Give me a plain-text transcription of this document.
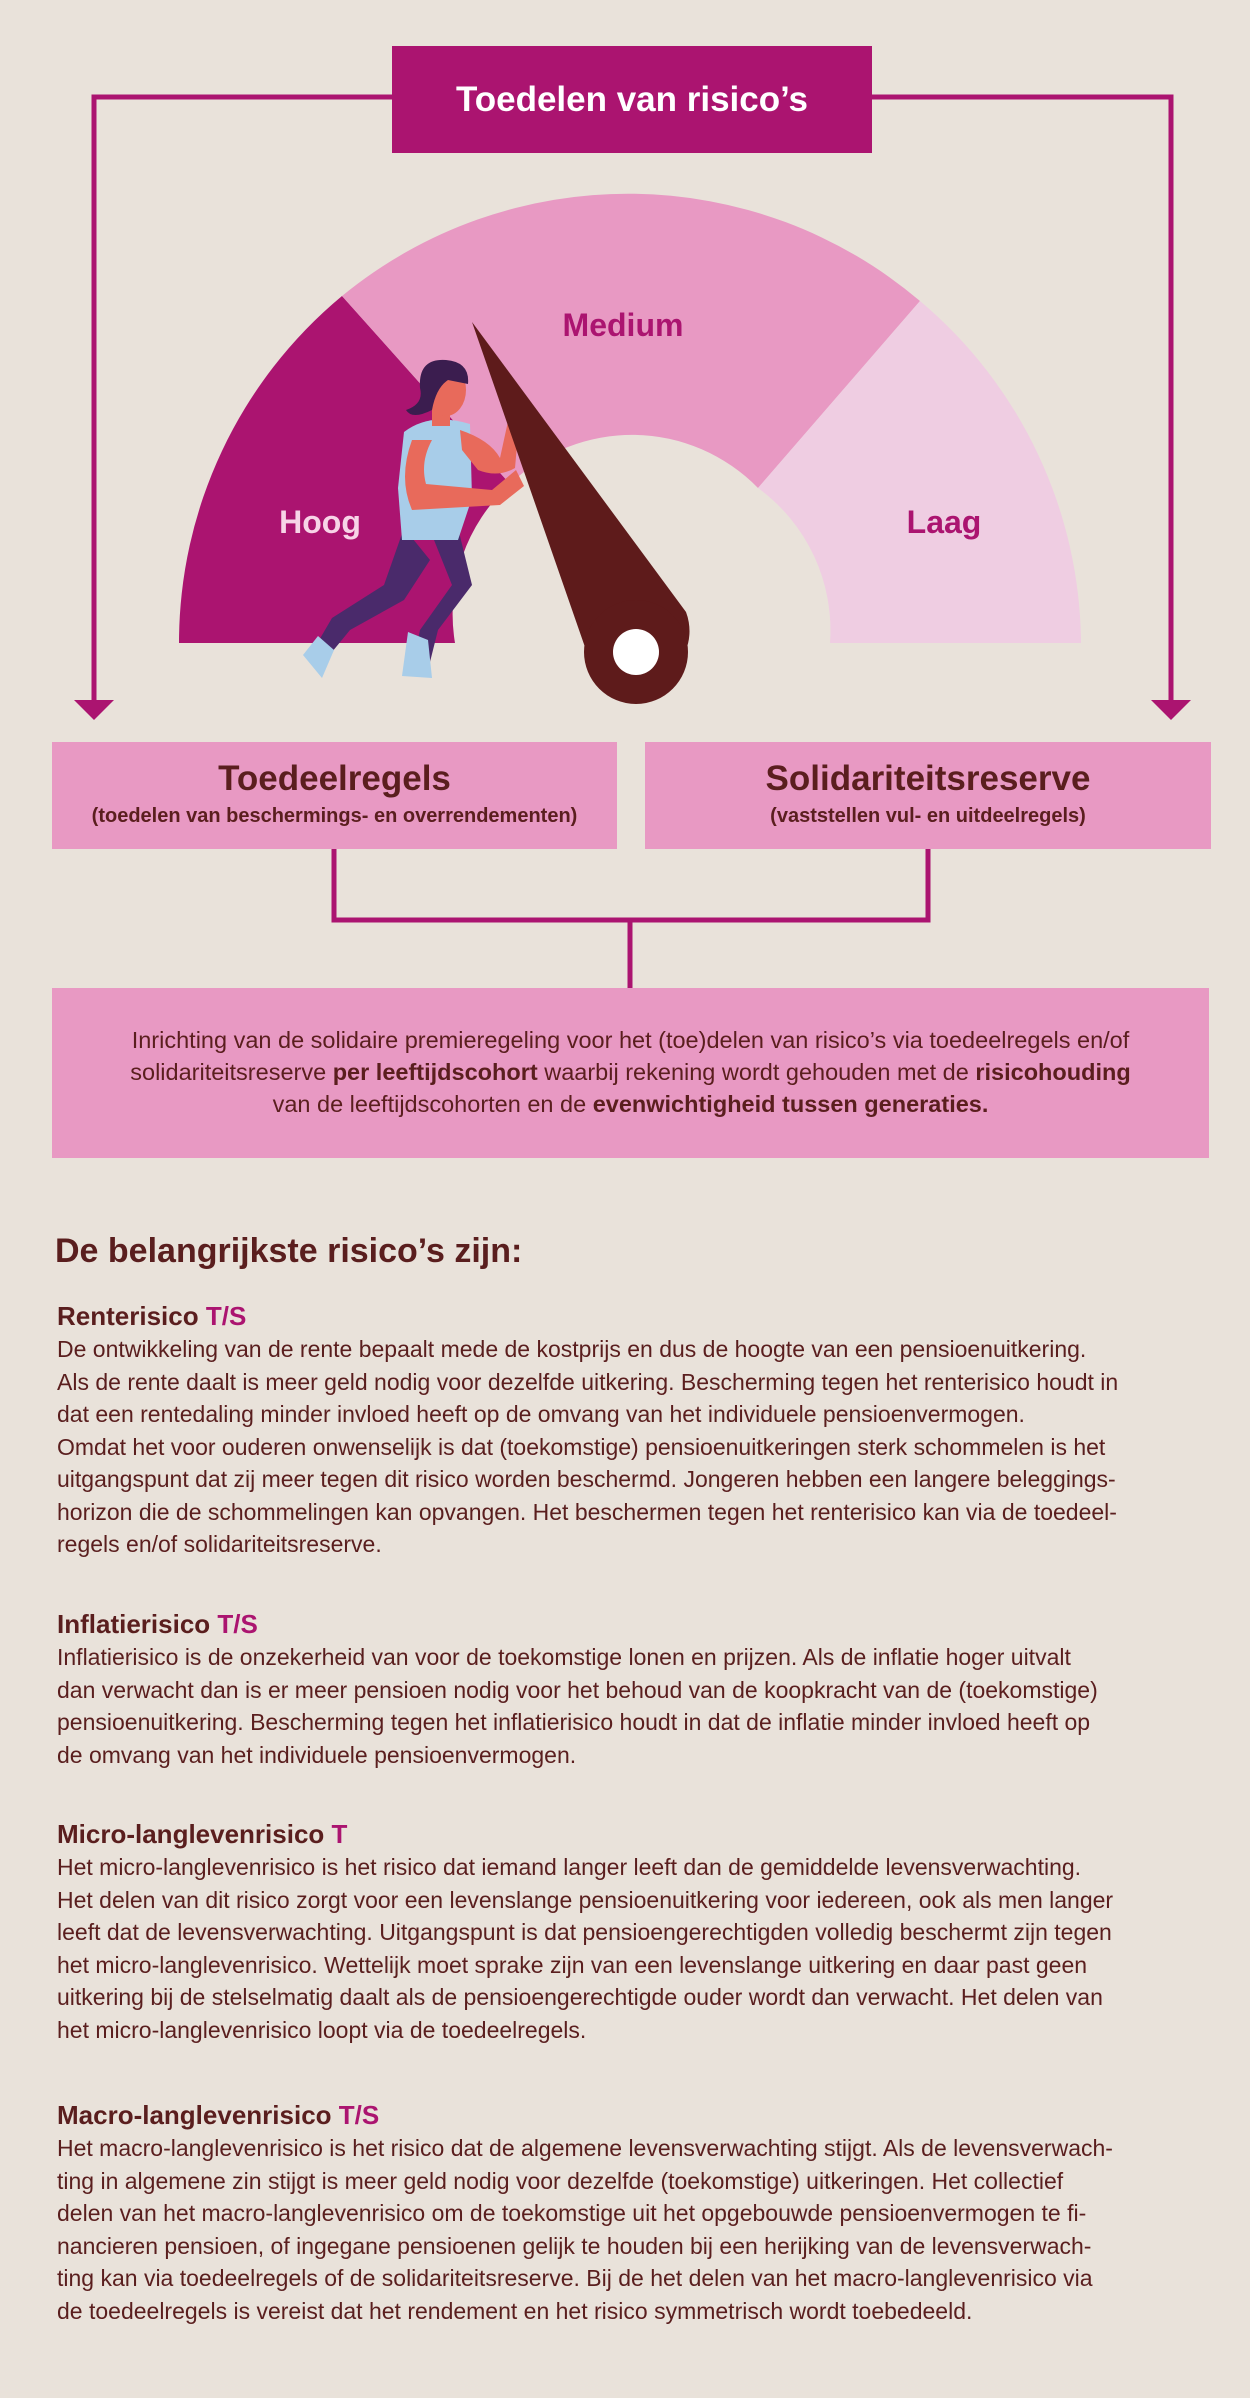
Hoog
Medium
Laag
Toedelen van risico’s
Toedeelregels
(toedelen van beschermings- en overrendementen)
Solidariteitsreserve
(vaststellen vul- en uitdeelregels)
Inrichting van de solidaire premieregeling voor het (toe)delen van risico’s via toedeelregels en/of solidariteitsreserve per leeftijdscohort waarbij rekening wordt gehouden met de risicohouding van de leeftijdscohorten en de evenwichtigheid tussen generaties.
De belangrijkste risico’s zijn:
Renterisico T/S
De ontwikkeling van de rente bepaalt mede de kostprijs en dus de hoogte van een pensioenuitkering.
Als de rente daalt is meer geld nodig voor dezelfde uitkering. Bescherming tegen het renterisico houdt in
dat een rentedaling minder invloed heeft op de omvang van het individuele pensioenvermogen.
Omdat het voor ouderen onwenselijk is dat (toekomstige) pensioenuitkeringen sterk schommelen is het
uitgangspunt dat zij meer tegen dit risico worden beschermd. Jongeren hebben een langere beleggings-
horizon die de schommelingen kan opvangen. Het beschermen tegen het renterisico kan via de toedeel-
regels en/of solidariteitsreserve.
Inflatierisico T/S
Inflatierisico is de onzekerheid van voor de toekomstige lonen en prijzen. Als de inflatie hoger uitvalt
dan verwacht dan is er meer pensioen nodig voor het behoud van de koopkracht van de (toekomstige)
pensioenuitkering. Bescherming tegen het inflatierisico houdt in dat de inflatie minder invloed heeft op
de omvang van het individuele pensioenvermogen.
Micro-langlevenrisico T
Het micro-langlevenrisico is het risico dat iemand langer leeft dan de gemiddelde levensverwachting.
Het delen van dit risico zorgt voor een levenslange pensioenuitkering voor iedereen, ook als men langer
leeft dat de levensverwachting. Uitgangspunt is dat pensioengerechtigden volledig beschermt zijn tegen
het micro-langlevenrisico. Wettelijk moet sprake zijn van een levenslange uitkering en daar past geen
uitkering bij de stelselmatig daalt als de pensioengerechtigde ouder wordt dan verwacht. Het delen van
het micro-langlevenrisico loopt via de toedeelregels.
Macro-langlevenrisico T/S
Het macro-langlevenrisico is het risico dat de algemene levensverwachting stijgt. Als de levensverwach-
ting in algemene zin stijgt is meer geld nodig voor dezelfde (toekomstige) uitkeringen. Het collectief
delen van het macro-langlevenrisico om de toekomstige uit het opgebouwde pensioenvermogen te fi-
nancieren pensioen, of ingegane pensioenen gelijk te houden bij een herijking van de levensverwach-
ting kan via toedeelregels of de solidariteitsreserve. Bij de het delen van het macro-langlevenrisico via
de toedeelregels is vereist dat het rendement en het risico symmetrisch wordt toebedeeld.
